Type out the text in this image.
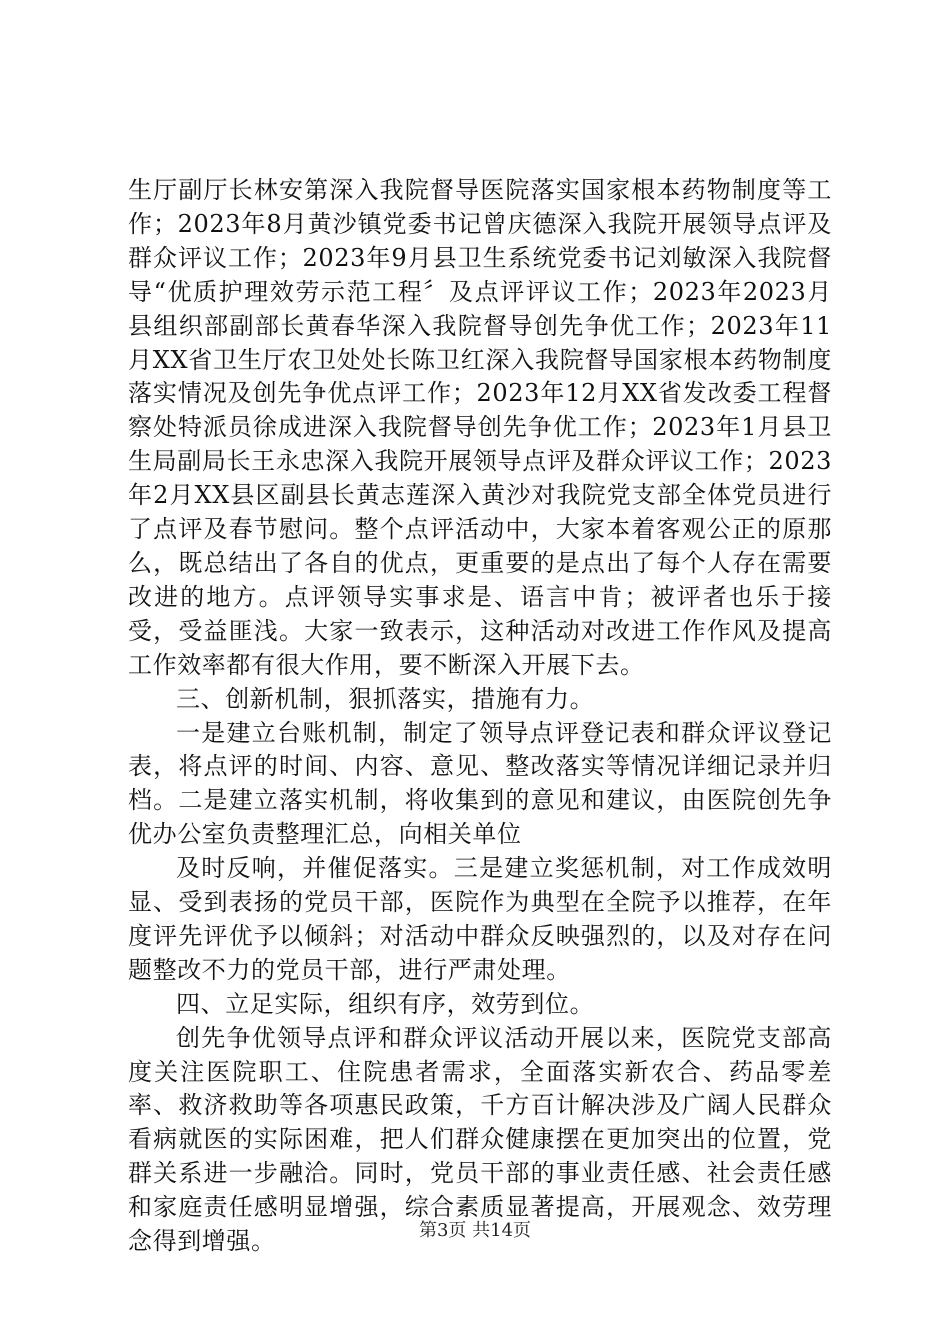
生厅副厅长林安第深入我院督导医院落实国家根本药物制度等工作；2023年8月黄沙镇党委书记曾庆德深入我院开展领导点评及群众评议工作；2023年9月县卫生系统党委书记刘敏深入我院督导“优质护理效劳示范工程〞及点评评议工作；2023年2023月县组织部副部长黄春华深入我院督导创先争优工作；2023年11月XX省卫生厅农卫处处长陈卫红深入我院督导国家根本药物制度落实情况及创先争优点评工作；2023年12月XX省发改委工程督察处特派员徐成进深入我院督导创先争优工作；2023年1月县卫生局副局长王永忠深入我院开展领导点评及群众评议工作；2023年2月XX县区副县长黄志莲深入黄沙对我院党支部全体党员进行了点评及春节慰问。整个点评活动中，大家本着客观公正的原那么，既总结出了各自的优点，更重要的是点出了每个人存在需要改进的地方。点评领导实事求是、语言中肯；被评者也乐于接受，受益匪浅。大家一致表示，这种活动对改进工作作风及提高工作效率都有很大作用，要不断深入开展下去。

三、创新机制，狠抓落实，措施有力。

一是建立台账机制，制定了领导点评登记表和群众评议登记表，将点评的时间、内容、意见、整改落实等情况详细记录并归档。二是建立落实机制，将收集到的意见和建议，由医院创先争优办公室负责整理汇总，向相关单位

及时反响，并催促落实。三是建立奖惩机制，对工作成效明显、受到表扬的党员干部，医院作为典型在全院予以推荐，在年度评先评优予以倾斜；对活动中群众反映强烈的，以及对存在问题整改不力的党员干部，进行严肃处理。

四、立足实际，组织有序，效劳到位。

创先争优领导点评和群众评议活动开展以来，医院党支部高度关注医院职工、住院患者需求，全面落实新农合、药品零差率、救济救助等各项惠民政策，千方百计解决涉及广阔人民群众看病就医的实际困难，把人们群众健康摆在更加突出的位置，党群关系进一步融洽。同时，党员干部的事业责任感、社会责任感和家庭责任感明显增强，综合素质显著提高，开展观念、效劳理念得到增强。	第3页 共14页
